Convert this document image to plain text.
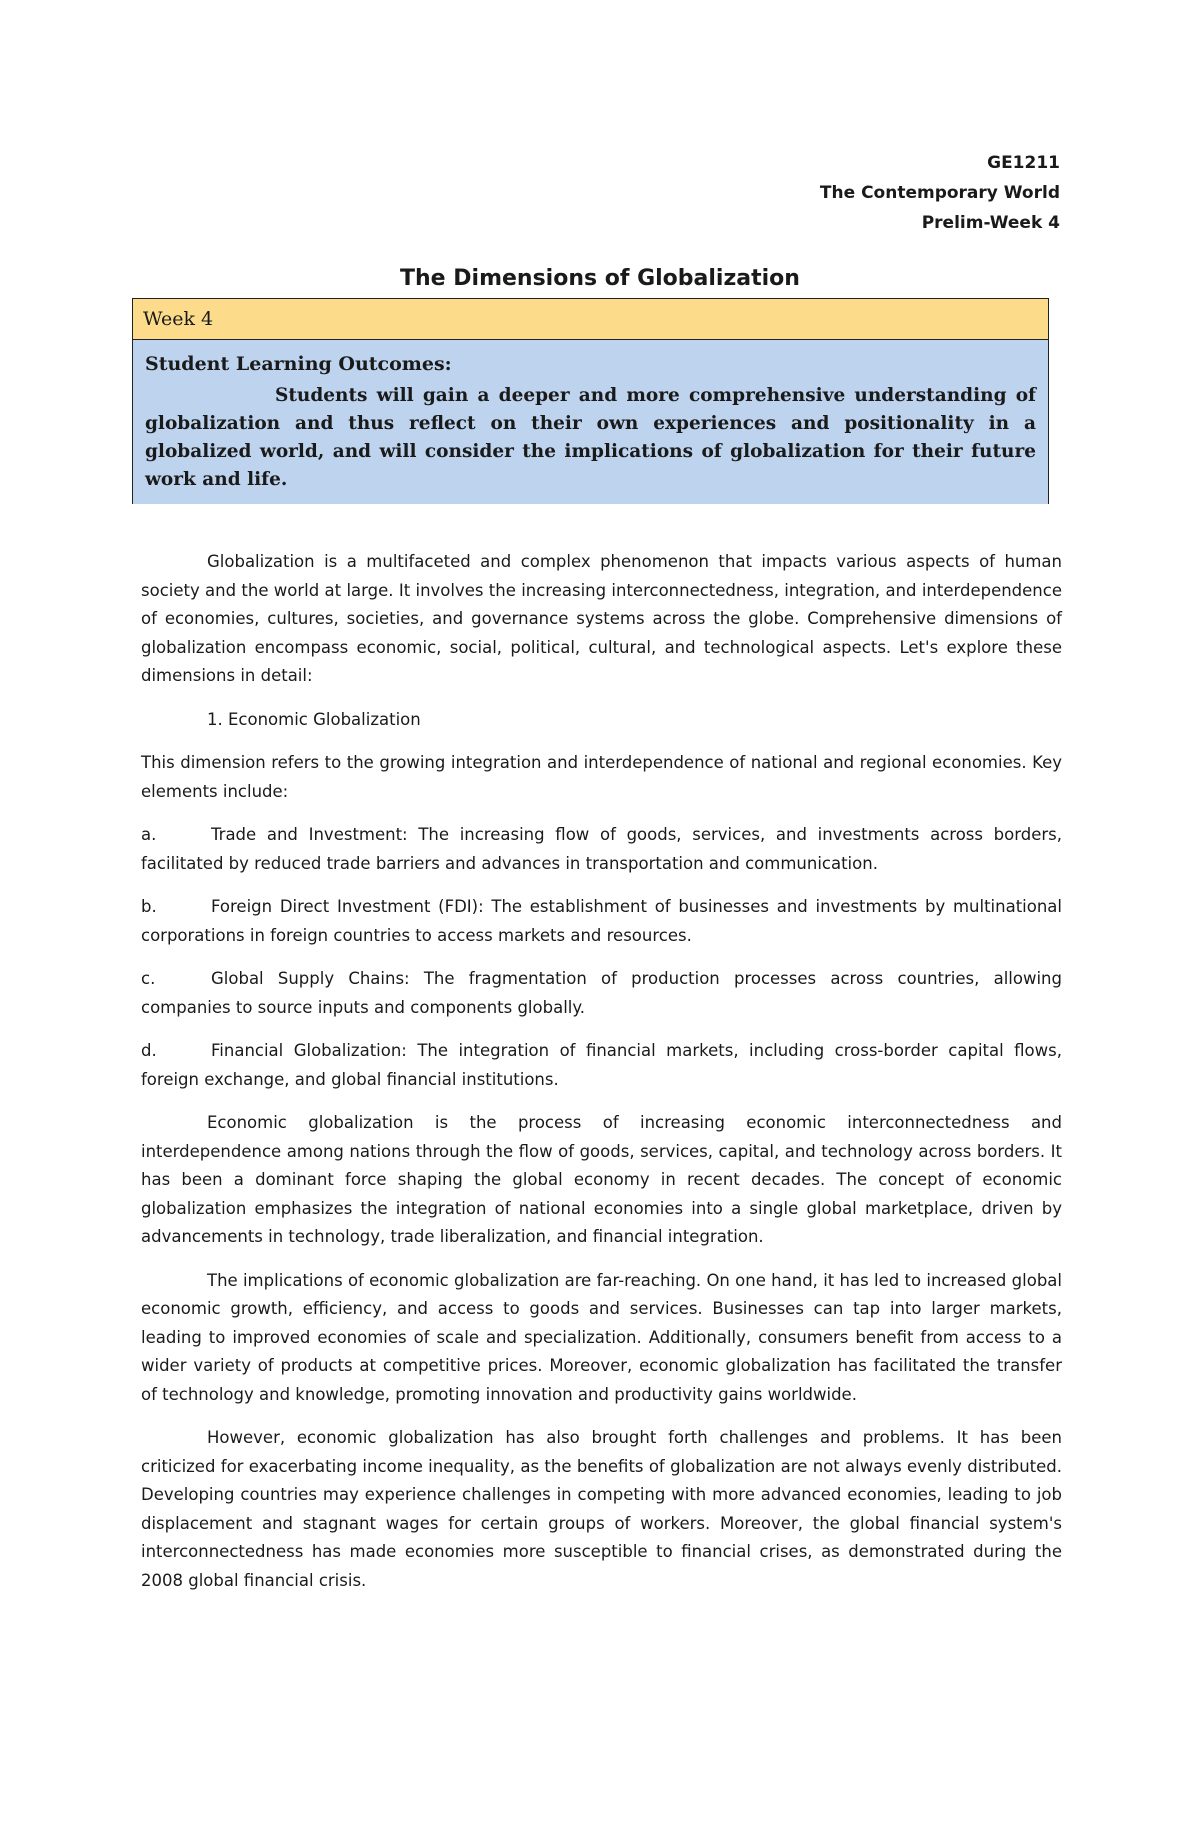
GE1211
The Contemporary World
Prelim-Week 4
The Dimensions of Globalization
Week 4
Student Learning Outcomes:
Students will gain a deeper and more comprehensive understanding of globalization and thus reflect on their own experiences and positionality in a globalized world, and will consider the implications of globalization for their future work and life.

Globalization is a multifaceted and complex phenomenon that impacts various aspects of human society and the world at large. It involves the increasing interconnectedness, integration, and interdependence of economies, cultures, societies, and governance systems across the globe. Comprehensive dimensions of globalization encompass economic, social, political, cultural, and technological aspects. Let's explore these dimensions in detail:

1. Economic Globalization

This dimension refers to the growing integration and interdependence of national and regional economies. Key elements include:

a.	Trade and Investment: The increasing flow of goods, services, and investments across borders, facilitated by reduced trade barriers and advances in transportation and communication.

b.	Foreign Direct Investment (FDI): The establishment of businesses and investments by multinational corporations in foreign countries to access markets and resources.

c.	Global Supply Chains: The fragmentation of production processes across countries, allowing companies to source inputs and components globally.

d.	Financial Globalization: The integration of financial markets, including cross-border capital flows, foreign exchange, and global financial institutions.

Economic globalization is the process of increasing economic interconnectedness and interdependence among nations through the flow of goods, services, capital, and technology across borders. It has been a dominant force shaping the global economy in recent decades. The concept of economic globalization emphasizes the integration of national economies into a single global marketplace, driven by advancements in technology, trade liberalization, and financial integration.

The implications of economic globalization are far-reaching. On one hand, it has led to increased global economic growth, efficiency, and access to goods and services. Businesses can tap into larger markets, leading to improved economies of scale and specialization. Additionally, consumers benefit from access to a wider variety of products at competitive prices. Moreover, economic globalization has facilitated the transfer of technology and knowledge, promoting innovation and productivity gains worldwide.

However, economic globalization has also brought forth challenges and problems. It has been criticized for exacerbating income inequality, as the benefits of globalization are not always evenly distributed. Developing countries may experience challenges in competing with more advanced economies, leading to job displacement and stagnant wages for certain groups of workers. Moreover, the global financial system's interconnectedness has made economies more susceptible to financial crises, as demonstrated during the 2008 global financial crisis.
